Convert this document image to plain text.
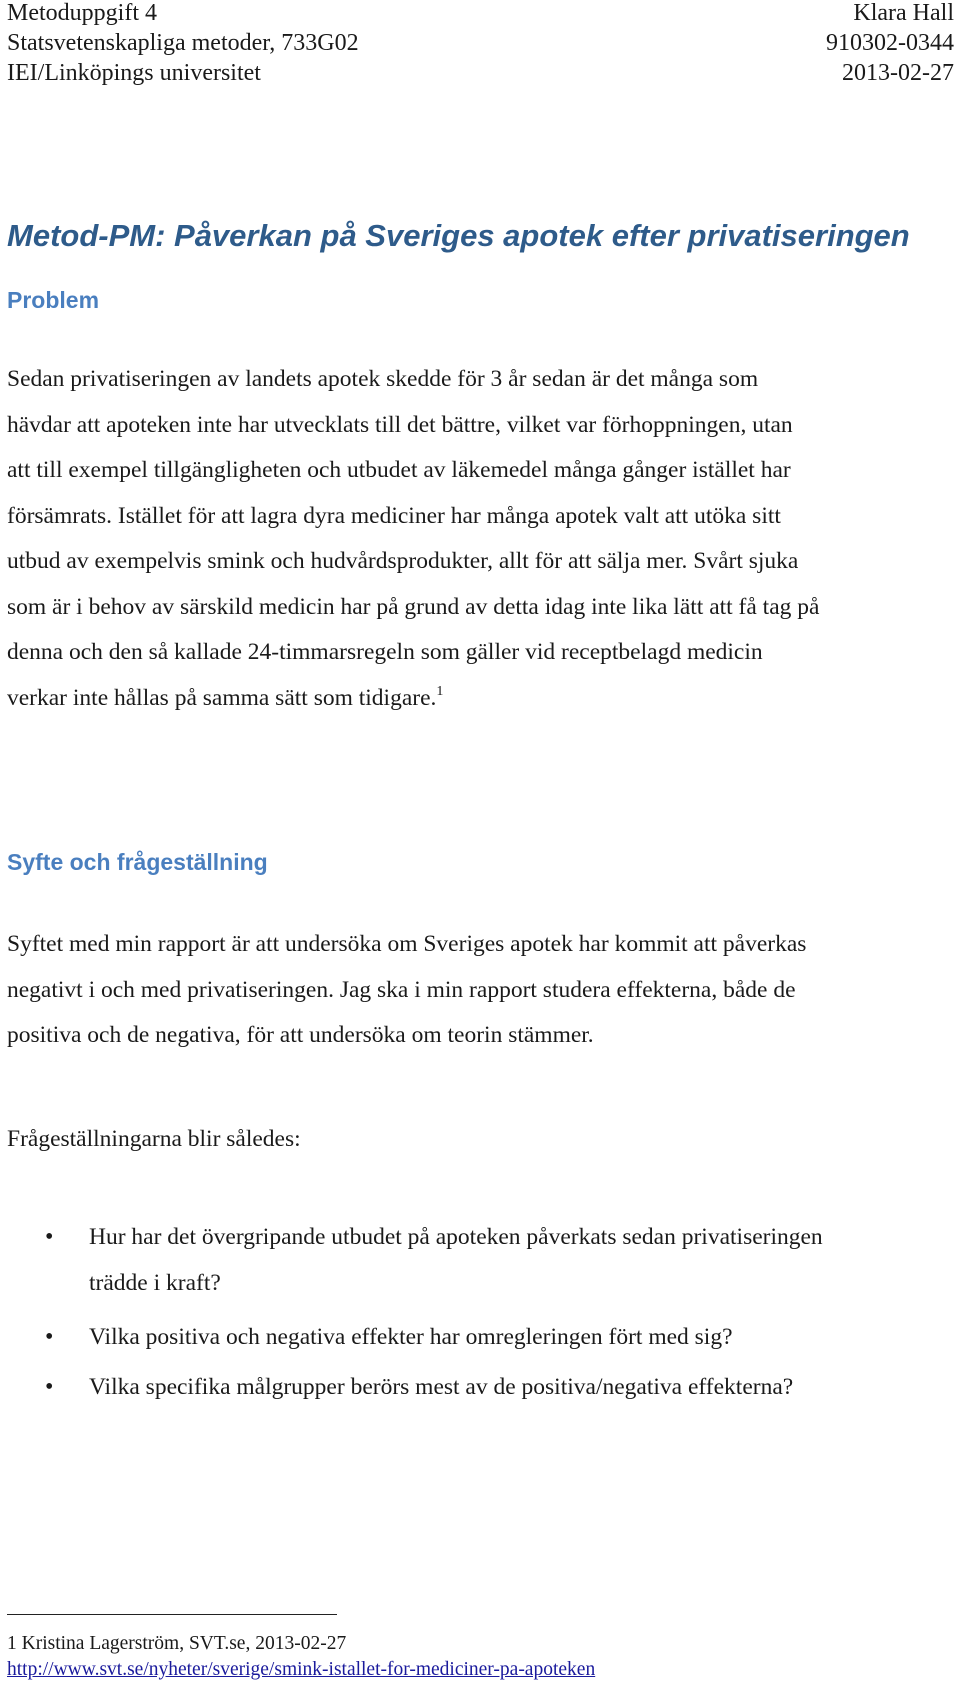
Metoduppgift 4	Klara Hall
Statsvetenskapliga metoder, 733G02	910302-0344
IEI/Linköpings universitet	2013-02-27
Metod-PM: Påverkan på Sveriges apotek efter privatiseringen
Problem
Sedan privatiseringen av landets apotek skedde för 3 år sedan är det många som
hävdar att apoteken inte har utvecklats till det bättre, vilket var förhoppningen, utan
att till exempel tillgängligheten och utbudet av läkemedel många gånger istället har
försämrats. Istället för att lagra dyra mediciner har många apotek valt att utöka sitt
utbud av exempelvis smink och hudvårdsprodukter, allt för att sälja mer. Svårt sjuka
som är i behov av särskild medicin har på grund av detta idag inte lika lätt att få tag på
denna och den så kallade 24-timmarsregeln som gäller vid receptbelagd medicin
verkar inte hållas på samma sätt som tidigare.$^1$
Syfte och frågeställning
Syftet med min rapport är att undersöka om Sveriges apotek har kommit att påverkas
negativt i och med privatiseringen. Jag ska i min rapport studera effekterna, både de
positiva och de negativa, för att undersöka om teorin stämmer.
Frågeställningarna blir således:
• Hur har det övergripande utbudet på apoteken påverkats sedan privatiseringen
trädde i kraft?
• Vilka positiva och negativa effekter har omregleringen fört med sig?
• Vilka specifika målgrupper berörs mest av de positiva/negativa effekterna?
1 Kristina Lagerström, SVT.se, 2013-02-27
http://www.svt.se/nyheter/sverige/smink-istallet-for-mediciner-pa-apoteken
